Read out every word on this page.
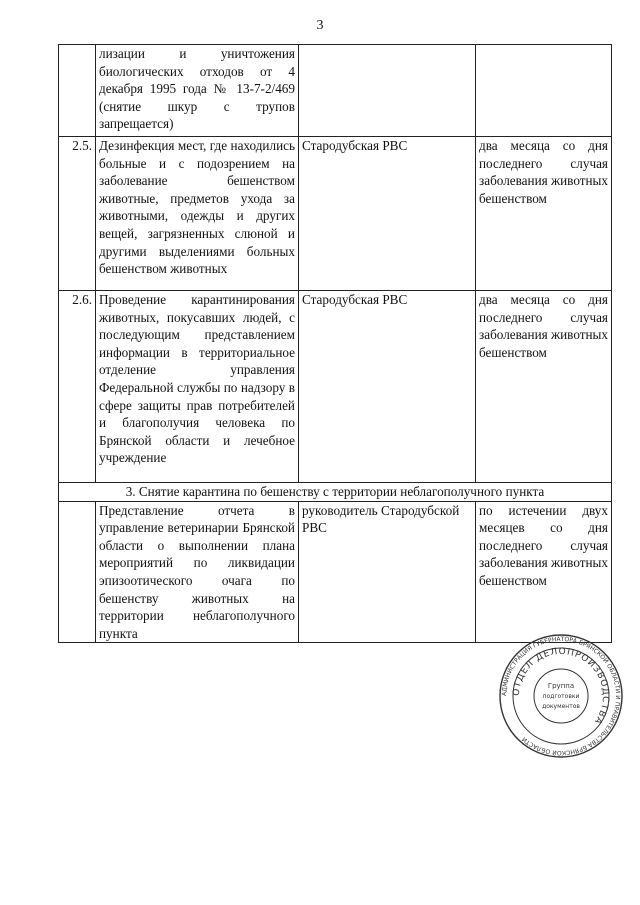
3
	лизации и уничтожения биологических отходов от 4 декабря 1995 года № 13-7-2/469 (снятие шкур с трупов запрещается)		
2.5.	Дезинфекция мест, где находились больные и с подозрением на заболевание бешенством животные, предметов ухода за животными, одежды и других вещей, загрязненных слюной и другими выделениями больных бешенством животных	Стародубская РВС	два месяца со дня последнего случая заболевания животных бешенством
2.6.	Проведение карантинирования животных, покусавших людей, с последующим представлением информации в территориальное отделение управления Федеральной службы по надзору в сфере защиты прав потребителей и благополучия человека по Брянской области и лечебное учреждение	Стародубская РВС	два месяца со дня последнего случая заболевания животных бешенством
3. Снятие карантина по бешенству с территории неблагополучного пункта			
	Представление отчета в управление ветеринарии Брянской области о выполнении плана мероприятий по ликвидации эпизоотического очага по бешенству животных на территории неблагополучного пункта	руководитель Стародубской РВС	по истечении двух месяцев со дня последнего случая заболевания животных бешенством
АДМИНИСТРАЦИЯ ГУБЕРНАТОРА БРЯНСКОЙ ОБЛАСТИ И ПРАВИТЕЛЬСТВА БРЯНСКОЙ ОБЛАСТИ
ОТДЕЛ ДЕЛОПРОИЗВОДСТВА
Группа
подготовки
документов
